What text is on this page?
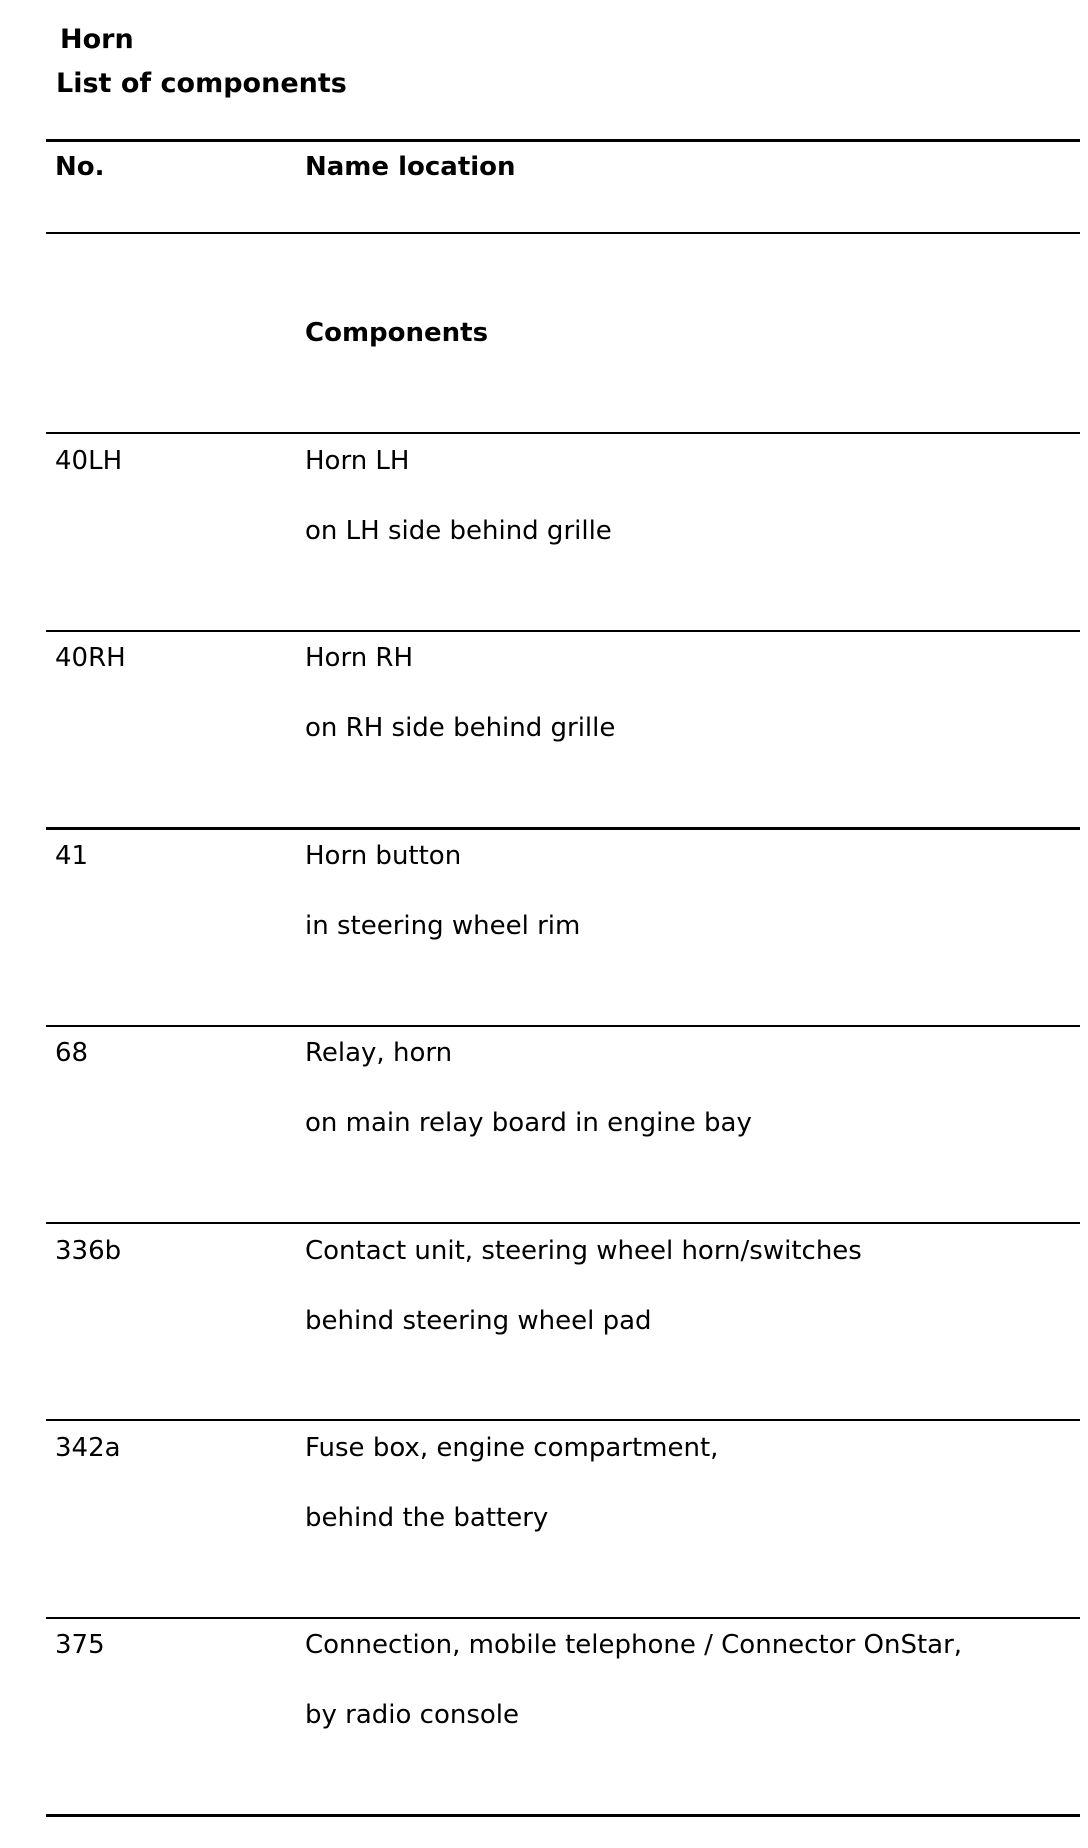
Horn
List of components
No.	Name location
Components
40LH	Horn LH
on LH side behind grille
40RH	Horn RH
on RH side behind grille
41	Horn button
in steering wheel rim
68	Relay, horn
on main relay board in engine bay
336b	Contact unit, steering wheel horn/switches
behind steering wheel pad
342a	Fuse box, engine compartment,
behind the battery
375	Connection, mobile telephone / Connector OnStar,
by radio console
